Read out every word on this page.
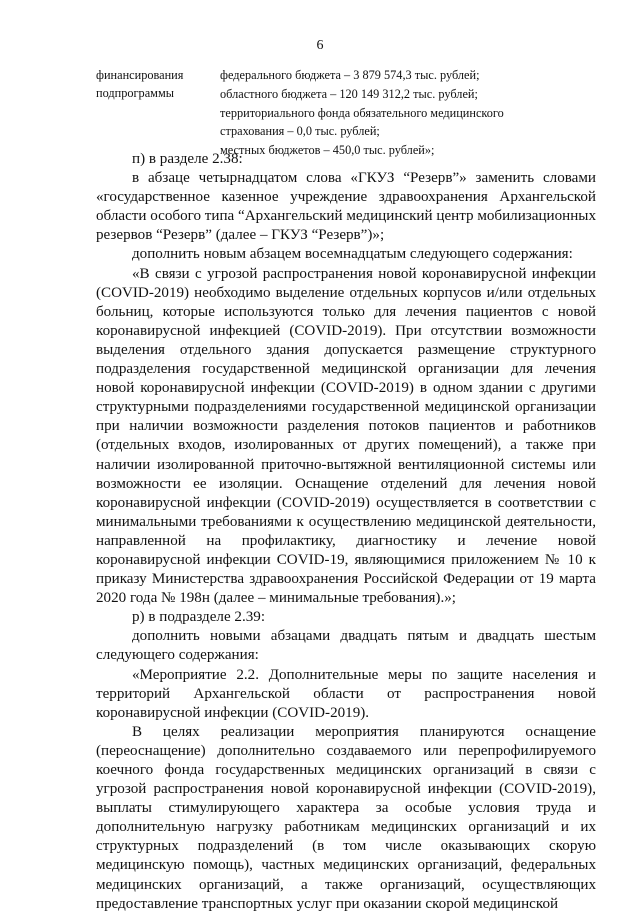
6
финансирования подпрограммы
федерального бюджета – 3 879 574,3 тыс. рублей;
областного бюджета – 120 149 312,2 тыс. рублей;
территориального фонда обязательного медицинского страхования – 0,0 тыс. рублей;
местных бюджетов – 450,0 тыс. рублей»;

п) в разделе 2.38:

в абзаце четырнадцатом слова «ГКУЗ “Резерв”» заменить словами «государственное казенное учреждение здравоохранения Архангельской области особого типа “Архангельский медицинский центр мобилизационных резервов “Резерв” (далее – ГКУЗ “Резерв”)»;

дополнить новым абзацем восемнадцатым следующего содержания:

«В связи с угрозой распространения новой коронавирусной инфекции (COVID-2019) необходимо выделение отдельных корпусов и/или отдельных больниц, которые используются только для лечения пациентов с новой коронавирусной инфекцией (COVID-2019). При отсутствии возможности выделения отдельного здания допускается размещение структурного подразделения государственной медицинской организации для лечения новой коронавирусной инфекции (COVID-2019) в одном здании с другими структурными подразделениями государственной медицинской организации при наличии возможности разделения потоков пациентов и работников (отдельных входов, изолированных от других помещений), а также при наличии изолированной приточно-вытяжной вентиляционной системы или возможности ее изоляции. Оснащение отделений для лечения новой коронавирусной инфекции (COVID-2019) осуществляется в соответствии с минимальными требованиями к осуществлению медицинской деятельности, направленной на профилактику, диагностику и лечение новой коронавирусной инфекции COVID-19, являющимися приложением № 10 к приказу Министерства здравоохранения Российской Федерации от 19 марта 2020 года № 198н (далее – минимальные требования).»;

р) в подразделе 2.39:

дополнить новыми абзацами двадцать пятым и двадцать шестым следующего содержания:

«Мероприятие 2.2. Дополнительные меры по защите населения и территорий Архангельской области от распространения новой коронавирусной инфекции (COVID-2019).

В целях реализации мероприятия планируются оснащение (переоснащение) дополнительно создаваемого или перепрофилируемого коечного фонда государственных медицинских организаций в связи с угрозой распространения новой коронавирусной инфекции (COVID-2019), выплаты стимулирующего характера за особые условия труда и дополнительную нагрузку работникам медицинских организаций и их структурных подразделений (в том числе оказывающих скорую медицинскую помощь), частных медицинских организаций, федеральных медицинских организаций, а также организаций, осуществляющих предоставление транспортных услуг при оказании скорой медицинской
